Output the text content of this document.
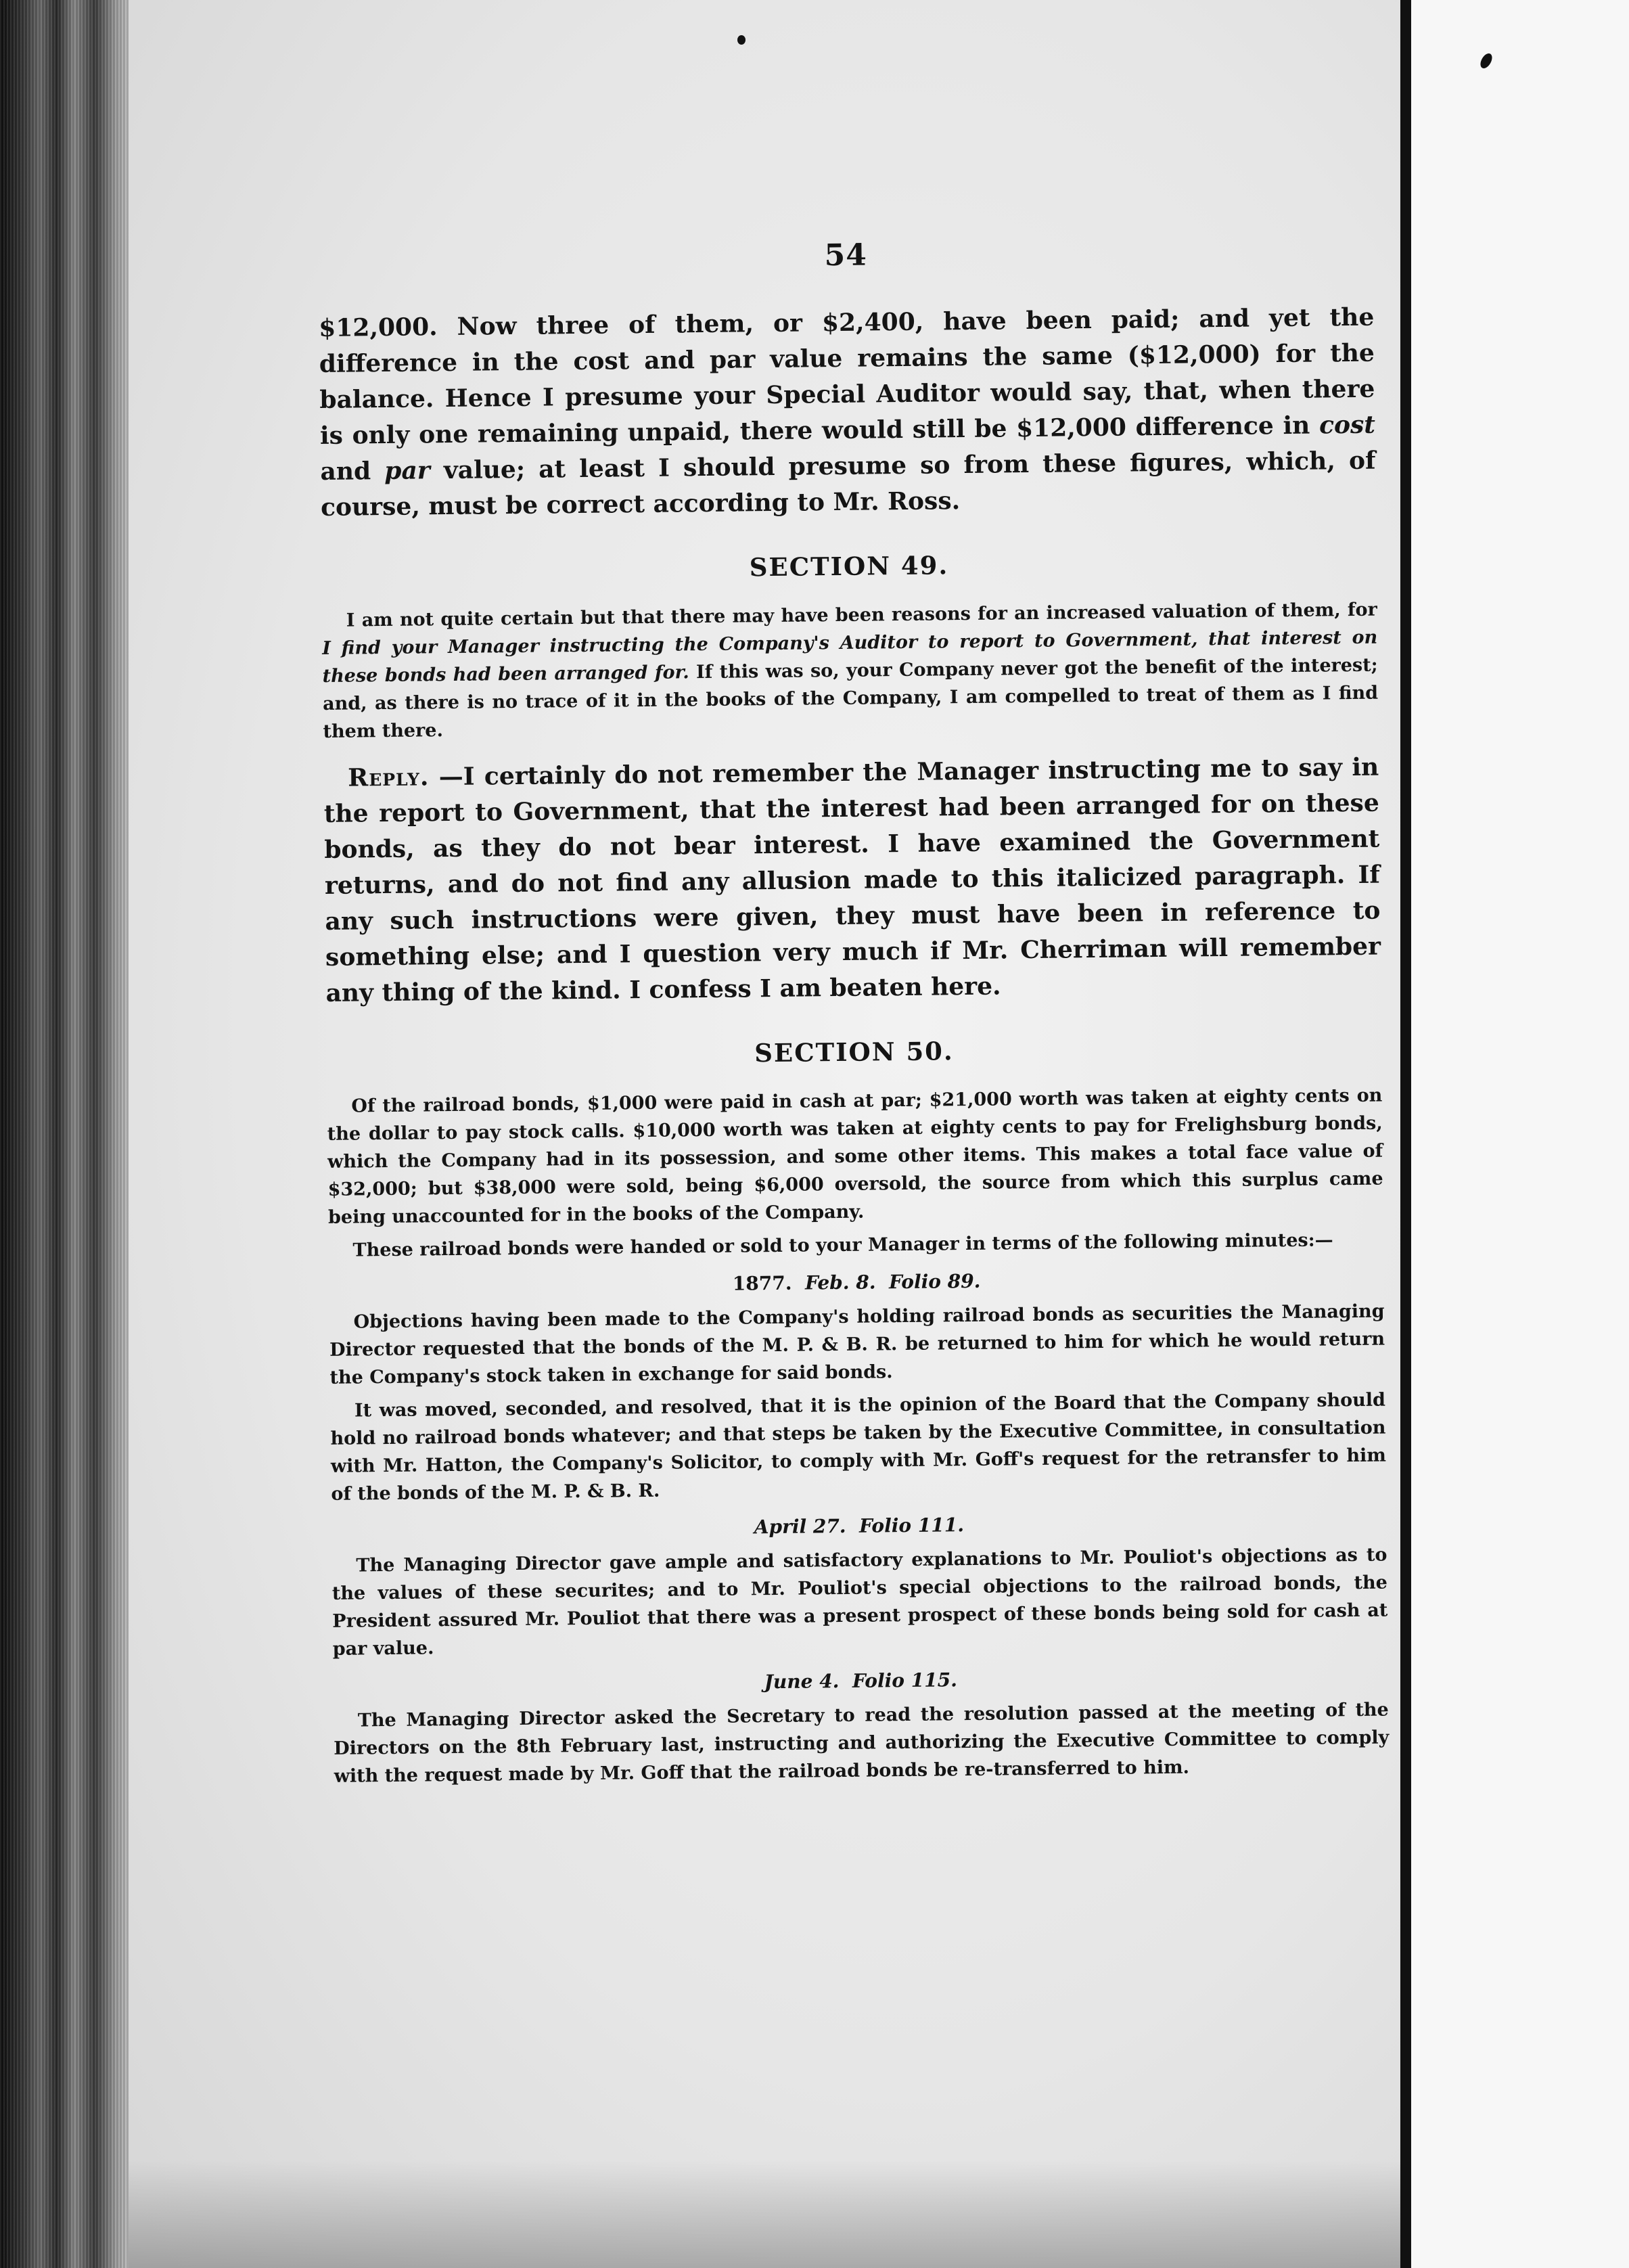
54

$12,000. Now three of them, or $2,400, have been paid; and yet the difference in the cost and par value remains the same ($12,000) for the balance. Hence I presume your Special Auditor would say, that, when there is only one remaining unpaid, there would still be $12,000 difference in cost and par value; at least I should presume so from these figures, which, of course, must be correct according to Mr. Ross.

SECTION 49.

I am not quite certain but that there may have been reasons for an increased valuation of them, for I find your Manager instructing the Company's Auditor to report to Government, that interest on these bonds had been arranged for. If this was so, your Company never got the benefit of the interest; and, as there is no trace of it in the books of the Company, I am compelled to treat of them as I find them there.

Reply. —I certainly do not remember the Manager instructing me to say in the report to Government, that the interest had been arranged for on these bonds, as they do not bear interest. I have examined the Government returns, and do not find any allusion made to this italicized paragraph. If any such instructions were given, they must have been in reference to something else; and I question very much if Mr. Cherriman will remember any thing of the kind. I confess I am beaten here.

SECTION 50.

Of the railroad bonds, $1,000 were paid in cash at par; $21,000 worth was taken at eighty cents on the dollar to pay stock calls. $10,000 worth was taken at eighty cents to pay for Frelighsburg bonds, which the Company had in its possession, and some other items. This makes a total face value of $32,000; but $38,000 were sold, being $6,000 oversold, the source from which this surplus came being unaccounted for in the books of the Company.

These railroad bonds were handed or sold to your Manager in terms of the following minutes:—

1877. Feb. 8. Folio 89.

Objections having been made to the Company's holding railroad bonds as securities the Managing Director requested that the bonds of the M. P. & B. R. be returned to him for which he would return the Company's stock taken in exchange for said bonds.

It was moved, seconded, and resolved, that it is the opinion of the Board that the Company should hold no railroad bonds whatever; and that steps be taken by the Executive Committee, in consultation with Mr. Hatton, the Company's Solicitor, to comply with Mr. Goff's request for the retransfer to him of the bonds of the M. P. & B. R.

April 27. Folio 111.

The Managing Director gave ample and satisfactory explanations to Mr. Pouliot's objections as to the values of these securites; and to Mr. Pouliot's special objections to the railroad bonds, the President assured Mr. Pouliot that there was a present prospect of these bonds being sold for cash at par value.

June 4. Folio 115.

The Managing Director asked the Secretary to read the resolution passed at the meeting of the Directors on the 8th February last, instructing and authorizing the Executive Committee to comply with the request made by Mr. Goff that the railroad bonds be re-transferred to him.
